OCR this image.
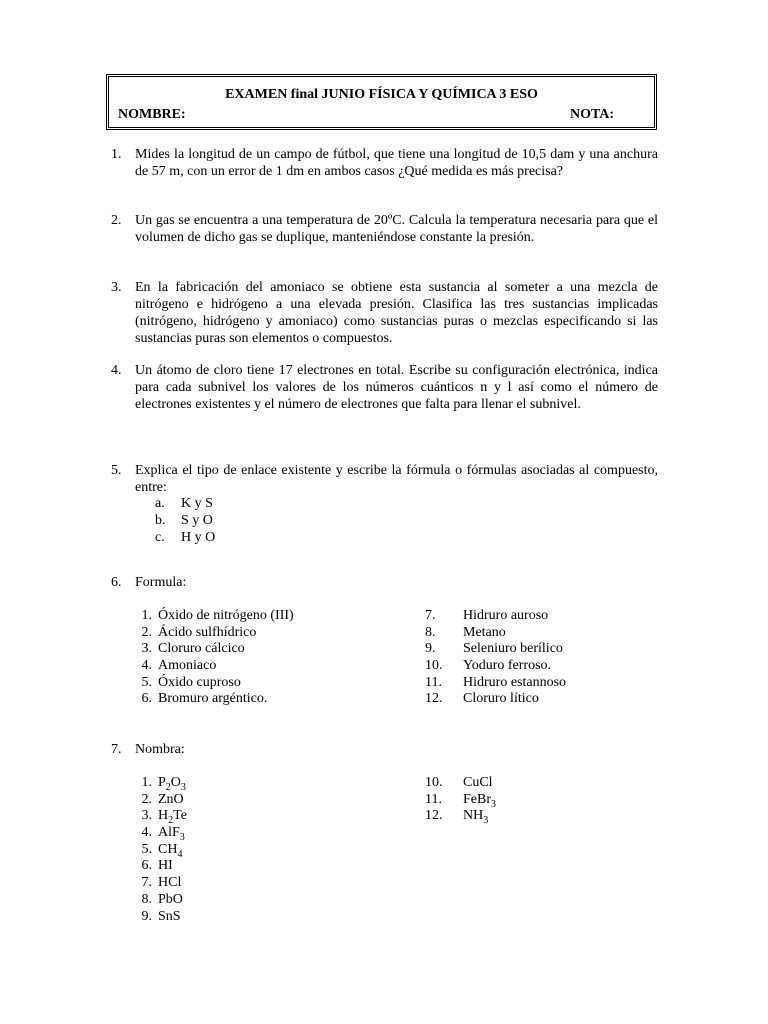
EXAMEN final JUNIO FÍSICA Y QUÍMICA 3 ESO
NOMBRE:	NOTA:
1. Mides la longitud de un campo de fútbol, que tiene una longitud de 10,5 dam y una anchura de 57 m, con un error de 1 dm en ambos casos ¿Qué medida es más precisa?
2. Un gas se encuentra a una temperatura de 20ºC. Calcula la temperatura necesaria para que el volumen de dicho gas se duplique, manteniéndose constante la presión.
3. En la fabricación del amoniaco se obtiene esta sustancia al someter a una mezcla de nitrógeno e hidrógeno a una elevada presión. Clasifica las tres sustancias implicadas (nitrógeno, hidrógeno y amoniaco) como sustancias puras o mezclas especificando si las sustancias puras son elementos o compuestos.
4. Un átomo de cloro tiene 17 electrones en total. Escribe su configuración electrónica, indica para cada subnivel los valores de los números cuánticos n y l así como el número de electrones existentes y el número de electrones que falta para llenar el subnivel.
5. Explica el tipo de enlace existente y escribe la fórmula o fórmulas asociadas al compuesto, entre:
a. K y S
b. S y O
c. H y O
6. Formula:
1. Óxido de nitrógeno (III)
2. Ácido sulfhídrico
3. Cloruro cálcico
4. Amoniaco
5. Óxido cuproso
6. Bromuro argéntico.
7. Hidruro auroso
8. Metano
9. Seleniuro berílico
10. Yoduro ferroso.
11. Hidruro estannoso
12. Cloruro lítico
7. Nombra:
1. $P_2O_3$
2. ZnO
3. $H_2Te$
4. AlF$_3$
5. $CH_4$
6. HI
7. HCl
8. PbO
9. SnS
10. CuCl
11. FeBr$_3$
12. $NH_3$
